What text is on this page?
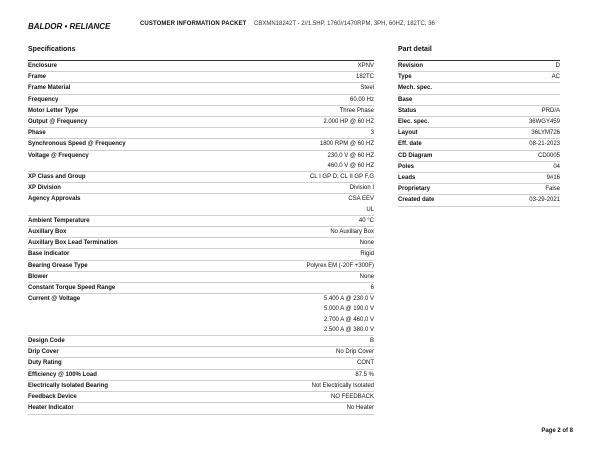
BALDOR • RELIANCE	CUSTOMER INFORMATION PACKET CBXMN18242T - 2//1.5HP, 1760//1470RPM, 3PH, 60HZ, 182TC, 36
Specifications
Enclosure	XPNV
Frame	182TC
Frame Material	Steel
Frequency	60.00 Hz
Motor Letter Type	Three Phase
Output @ Frequency	2.000 HP @ 60 HZ
Phase	3
Synchronous Speed @ Frequency	1800 RPM @ 60 HZ
Voltage @ Frequency	230.0 V @ 60 HZ
	460.0 V @ 60 HZ
XP Class and Group	CL I GP D; CL II GP F,G
XP Division	Division I
Agency Approvals	CSA EEV
	UL
Ambient Temperature	40 °C
Auxillary Box	No Auxillary Box
Auxillary Box Lead Termination	None
Base Indicator	Rigid
Bearing Grease Type	Polyrex EM (-20F +300F)
Blower	None
Constant Torque Speed Range	6
Current @ Voltage	5.400 A @ 230.0 V
	5.000 A @ 190.0 V
	2.700 A @ 460.0 V
	2.500 A @ 380.0 V
Design Code	B
Drip Cover	No Drip Cover
Duty Rating	CONT
Efficiency @ 100% Load	87.5 %
Electrically Isolated Bearing	Not Electrically Isolated
Feedback Device	NO FEEDBACK
Heater Indicator	No Heater
Part detail
Revision	D
Type	AC
Mech. spec.	
Base	
Status	PRD/A
Elec. spec.	36WGY459
Layout	36LYM726
Eff. date	08-21-2023
CD Diagram	CD0005
Poles	04
Leads	9#16
Proprietary	False
Created date	03-29-2021
Page 2 of 8
